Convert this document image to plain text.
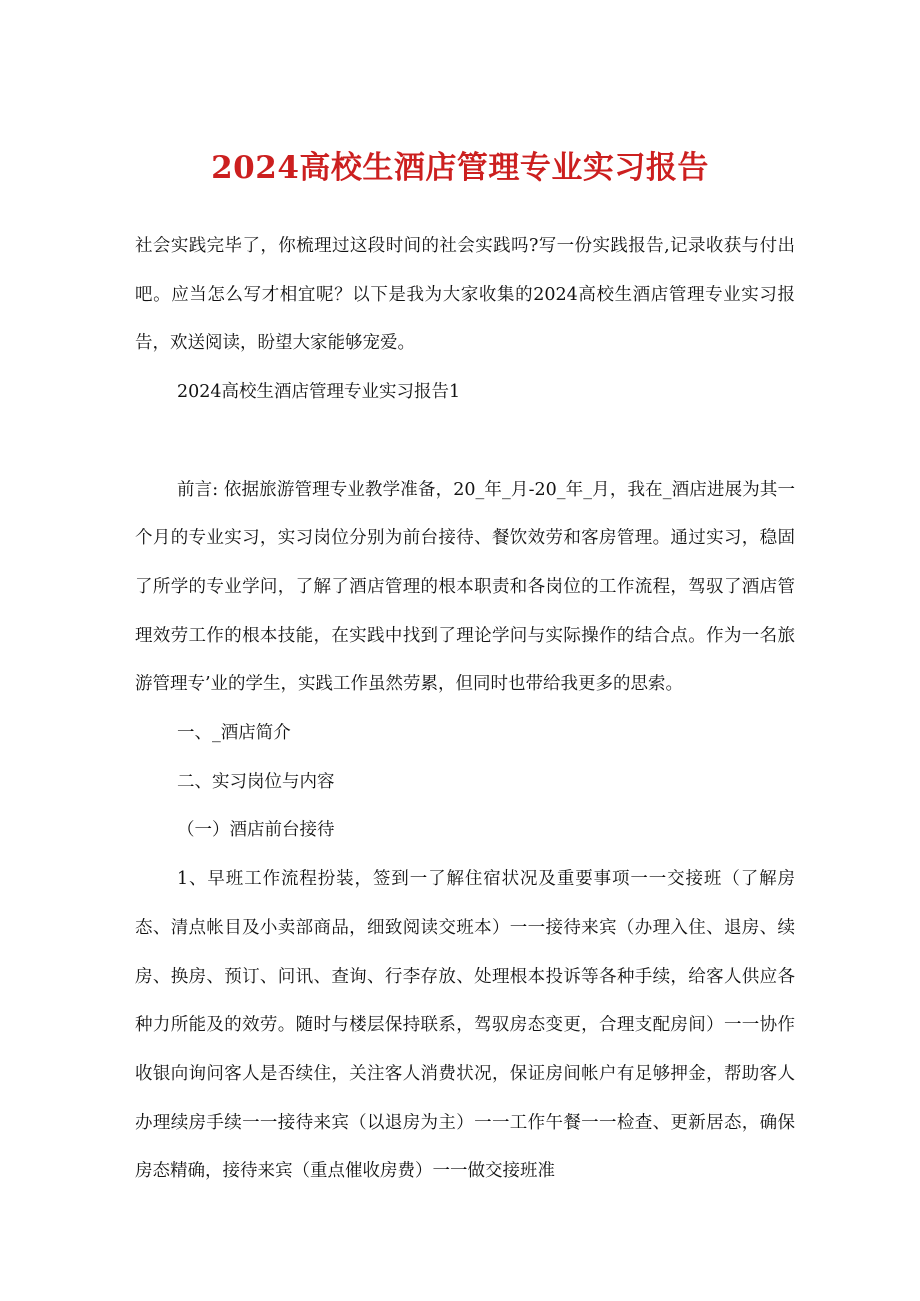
2024高校生酒店管理专业实习报告

社会实践完毕了，你梳理过这段时间的社会实践吗?写一份实践报告,记录收获与付出吧。应当怎么写才相宜呢？以下是我为大家收集的2024高校生酒店管理专业实习报告，欢送阅读，盼望大家能够宠爱。

2024高校生酒店管理专业实习报告1

前言: 依据旅游管理专业教学准备，20_年_月-20_年_月，我在_酒店进展为其一个月的专业实习，实习岗位分别为前台接待、餐饮效劳和客房管理。通过实习，稳固了所学的专业学问，了解了酒店管理的根本职责和各岗位的工作流程，驾驭了酒店管理效劳工作的根本技能，在实践中找到了理论学问与实际操作的结合点。作为一名旅游管理专’业的学生，实践工作虽然劳累，但同时也带给我更多的思索。

一、_酒店简介

二、实习岗位与内容

（一）酒店前台接待

1、早班工作流程扮装，签到一了解住宿状况及重要事项一一交接班（了解房态、清点帐目及小卖部商品，细致阅读交班本）一一接待来宾（办理入住、退房、续房、换房、预订、问讯、查询、行李存放、处理根本投诉等各种手续，给客人供应各种力所能及的效劳。随时与楼层保持联系，驾驭房态变更，合理支配房间）一一协作收银向询问客人是否续住，关注客人消费状况，保证房间帐户有足够押金，帮助客人办理续房手续一一接待来宾（以退房为主）一一工作午餐一一检查、更新居态，确保房态精确，接待来宾（重点催收房费）一一做交接班准
